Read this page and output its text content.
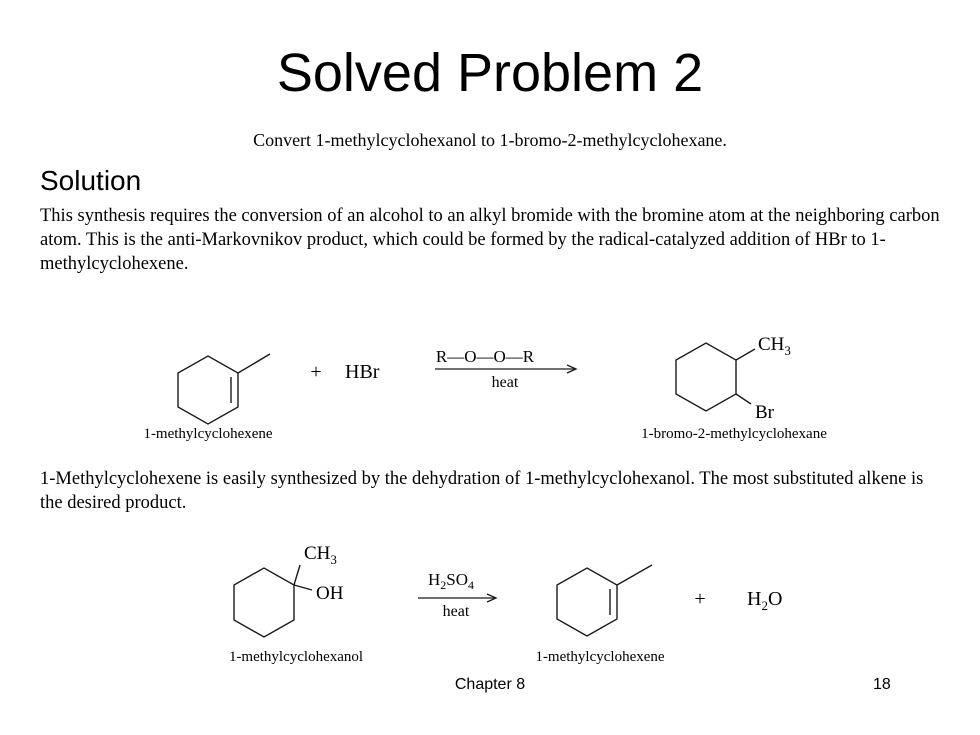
Solved Problem 2
Convert 1-methylcyclohexanol to 1-bromo-2-methylcyclohexane.
Solution
This synthesis requires the conversion of an alcohol to an alkyl bromide with the bromine atom at the neighboring carbon atom. This is the anti-Markovnikov product, which could be formed by the radical-catalyzed addition of HBr to 1-methylcyclohexene.
1-methylcyclohexene
+ HBr
R—O—O—R
heat
$CH_3$
Br
1-bromo-2-methylcyclohexane
1-Methylcyclohexene is easily synthesized by the dehydration of 1-methylcyclohexanol. The most substituted alkene is the desired product.
$CH_3$
OH
1-methylcyclohexanol
$H_2SO_4$
heat
1-methylcyclohexene
+ $H_2O$
Chapter 8	18
